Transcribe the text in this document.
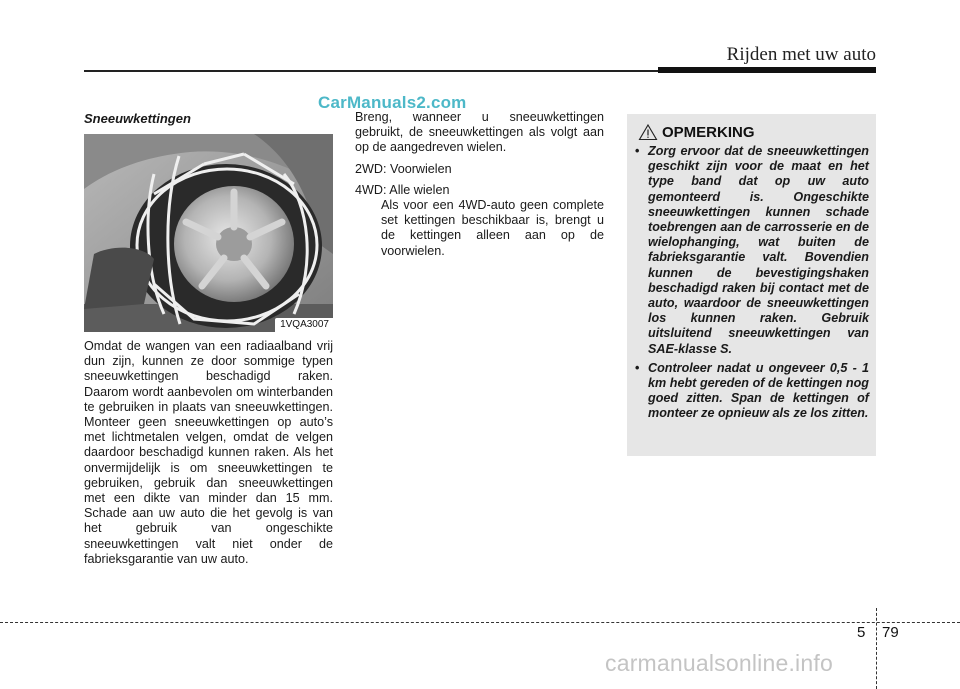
Rijden met uw auto
CarManuals2.com
Sneeuwkettingen
1VQA3007
Omdat de wangen van een radiaalband vrij dun zijn, kunnen ze door sommige typen sneeuwkettingen beschadigd raken. Daarom wordt aanbevolen om winterbanden te gebruiken in plaats van sneeuwkettingen. Monteer geen sneeuwkettingen op auto’s met lichtmetalen velgen, omdat de velgen daardoor beschadigd kunnen raken. Als het onvermijdelijk is om sneeuwkettingen te gebruiken, gebruik dan sneeuwkettingen met een dikte van minder dan 15 mm. Schade aan uw auto die het gevolg is van het gebruik van ongeschikte sneeuwkettingen valt niet onder de fabrieksgarantie van uw auto.

Breng, wanneer u sneeuwkettingen gebruikt, de sneeuwkettingen als volgt aan op de aangedreven wielen.

2WD: Voorwielen

4WD: Alle wielen

Als voor een 4WD-auto geen complete set kettingen beschikbaar is, brengt u de kettingen alleen aan op de voorwielen.

OPMERKING
• Zorg ervoor dat de sneeuwkettingen geschikt zijn voor de maat en het type band dat op uw auto gemonteerd is. Ongeschikte sneeuwkettingen kunnen schade toebrengen aan de carrosserie en de wielophanging, wat buiten de fabrieksgarantie valt. Bovendien kunnen de bevestigingshaken beschadigd raken bij contact met de auto, waardoor de sneeuwkettingen los kunnen raken. Gebruik uitsluitend sneeuwkettingen van SAE-klasse S.
• Controleer nadat u ongeveer 0,5 - 1 km hebt gereden of de kettingen nog goed zitten. Span de kettingen of monteer ze opnieuw als ze los zitten.
5 79
carmanualsonline.info
